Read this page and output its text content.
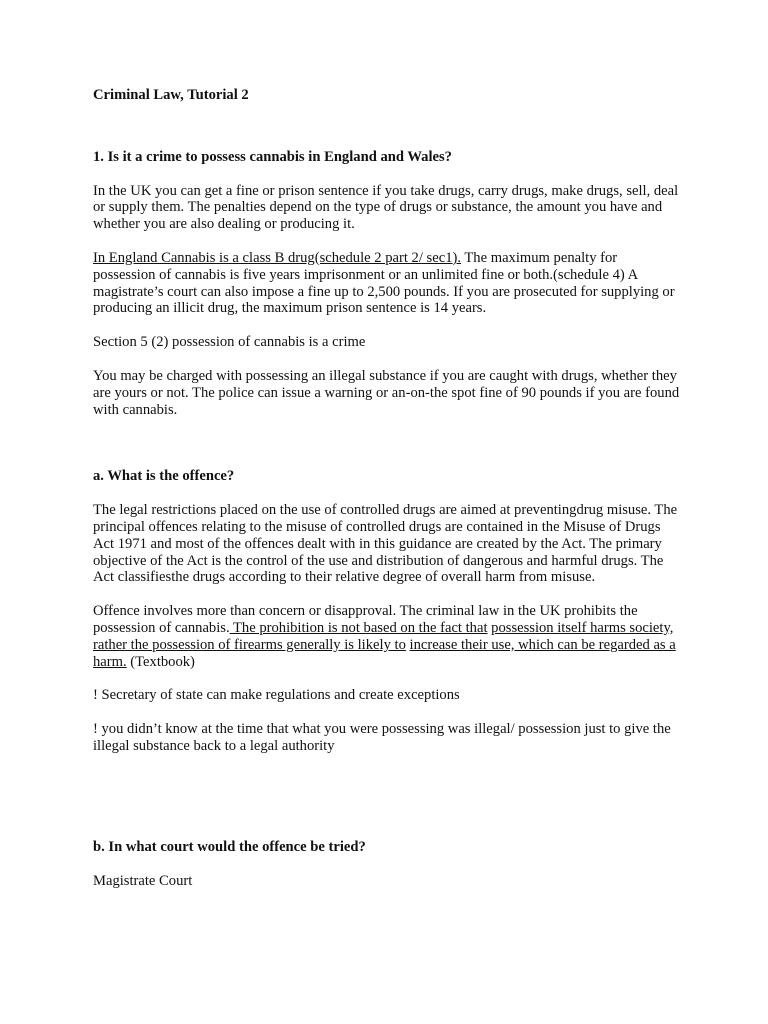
Criminal Law, Tutorial 2

1. Is it a crime to possess cannabis in England and Wales?

In the UK you can get a fine or prison sentence if you take drugs, carry drugs, make drugs, sell, deal or supply them. The penalties depend on the type of drugs or substance, the amount you have and whether you are also dealing or producing it.

In England Cannabis is a class B drug(schedule 2 part 2/ sec1). The maximum penalty for possession of cannabis is five years imprisonment or an unlimited fine or both.(schedule 4) A magistrate’s court can also impose a fine up to 2,500 pounds. If you are prosecuted for supplying or producing an illicit drug, the maximum prison sentence is 14 years.

Section 5 (2) possession of cannabis is a crime

You may be charged with possessing an illegal substance if you are caught with drugs, whether they are yours or not. The police can issue a warning or an-on-the spot fine of 90 pounds if you are found with cannabis.

a. What is the offence?

The legal restrictions placed on the use of controlled drugs are aimed at preventingdrug misuse. The principal offences relating to the misuse of controlled drugs are contained in the Misuse of Drugs Act 1971 and most of the offences dealt with in this guidance are created by the Act. The primary objective of the Act is the control of the use and distribution of dangerous and harmful drugs. The Act classifiesthe drugs according to their relative degree of overall harm from misuse.

Offence involves more than concern or disapproval. The criminal law in the UK prohibits the possession of cannabis. The prohibition is not based on the fact that possession itself harms society, rather the possession of firearms generally is likely to increase their use, which can be regarded as a harm. (Textbook)

! Secretary of state can make regulations and create exceptions

! you didn’t know at the time that what you were possessing was illegal/ possession just to give the illegal substance back to a legal authority

b. In what court would the offence be tried?

Magistrate Court
